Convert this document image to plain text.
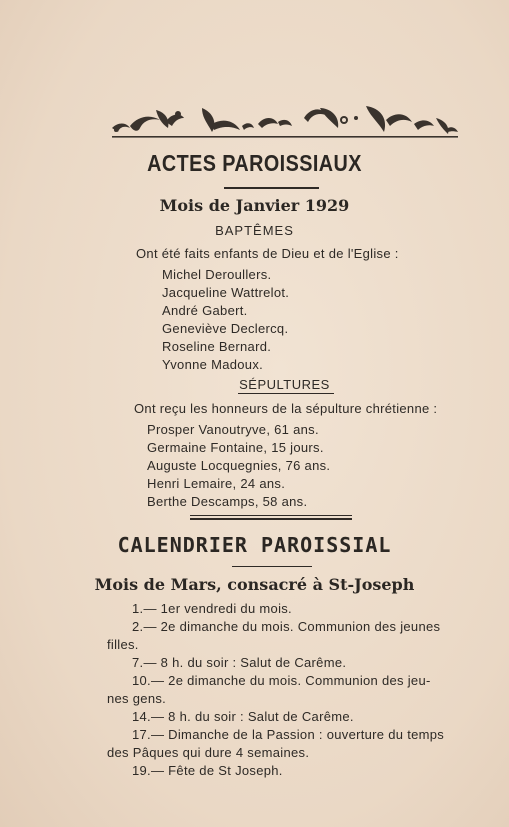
ACTES PAROISSIAUX
Mois de Janvier 1929
BAPTÊMES
Ont été faits enfants de Dieu et de l'Eglise :
Michel Deroullers.
Jacqueline Wattrelot.
André Gabert.
Geneviève Declercq.
Roseline Bernard.
Yvonne Madoux.
SÉPULTURES
Ont reçu les honneurs de la sépulture chrétienne :
Prosper Vanoutryve, 61 ans.
Germaine Fontaine, 15 jours.
Auguste Locquegnies, 76 ans.
Henri Lemaire, 24 ans.
Berthe Descamps, 58 ans.
CALENDRIER PAROISSIAL
Mois de Mars, consacré à St-Joseph
1.— 1er vendredi du mois.
2.— 2e dimanche du mois. Communion des jeunes
filles.
7.— 8 h. du soir : Salut de Carême.
10.— 2e dimanche du mois. Communion des jeu-
nes gens.
14.— 8 h. du soir : Salut de Carême.
17.— Dimanche de la Passion : ouverture du temps
des Pâques qui dure 4 semaines.
19.— Fête de St Joseph.
